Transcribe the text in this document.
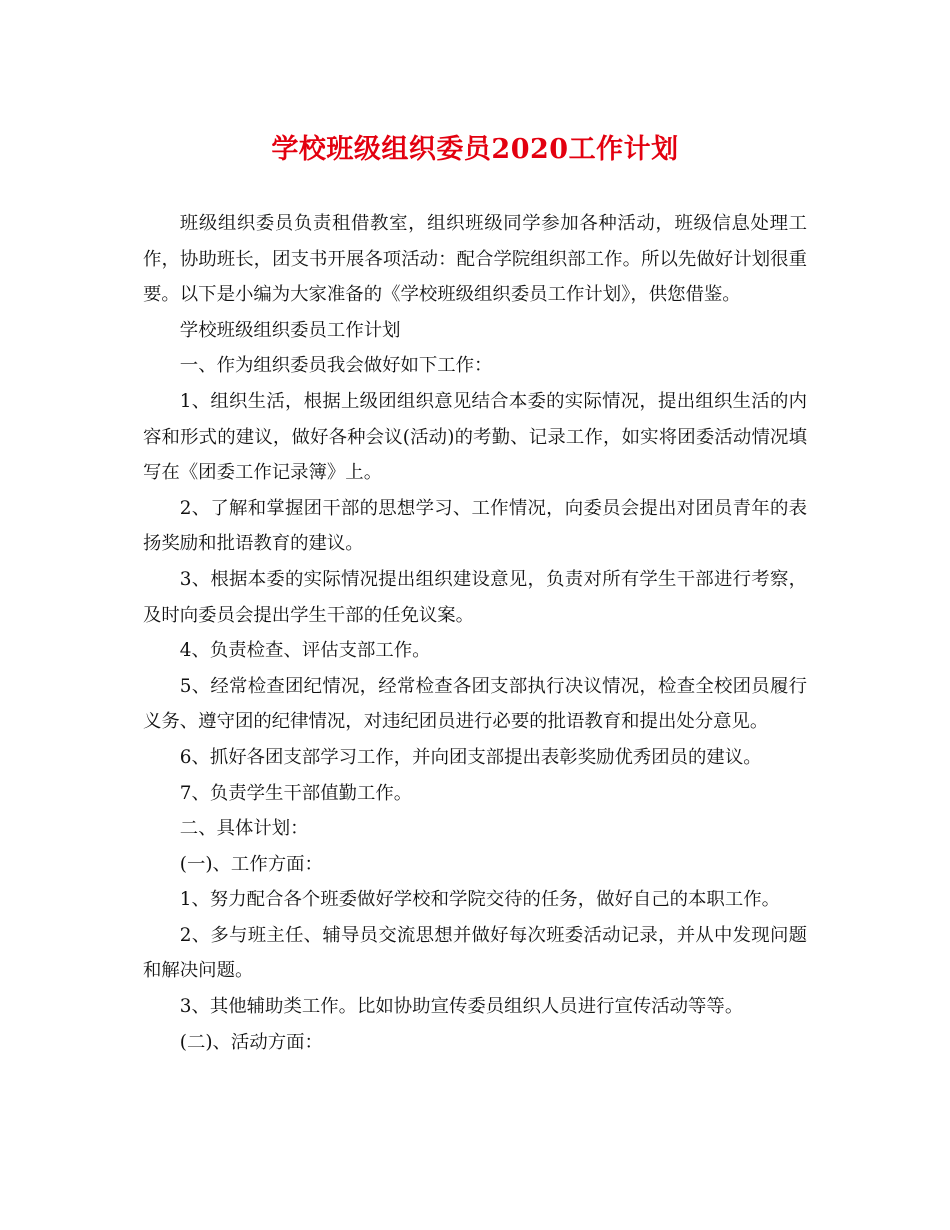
学校班级组织委员2020工作计划

班级组织委员负责租借教室，组织班级同学参加各种活动，班级信息处理工作，协助班长，团支书开展各项活动：配合学院组织部工作。所以先做好计划很重要。以下是小编为大家准备的《学校班级组织委员工作计划》，供您借鉴。

学校班级组织委员工作计划

一、作为组织委员我会做好如下工作：

1、组织生活，根据上级团组织意见结合本委的实际情况，提出组织生活的内容和形式的建议，做好各种会议(活动)的考勤、记录工作，如实将团委活动情况填写在《团委工作记录簿》上。

2、了解和掌握团干部的思想学习、工作情况，向委员会提出对团员青年的表扬奖励和批语教育的建议。

3、根据本委的实际情况提出组织建设意见，负责对所有学生干部进行考察，及时向委员会提出学生干部的任免议案。

4、负责检查、评估支部工作。

5、经常检查团纪情况，经常检查各团支部执行决议情况，检查全校团员履行义务、遵守团的纪律情况，对违纪团员进行必要的批语教育和提出处分意见。

6、抓好各团支部学习工作，并向团支部提出表彰奖励优秀团员的建议。

7、负责学生干部值勤工作。

二、具体计划：

(一)、工作方面：

1、努力配合各个班委做好学校和学院交待的任务，做好自己的本职工作。

2、多与班主任、辅导员交流思想并做好每次班委活动记录，并从中发现问题和解决问题。

3、其他辅助类工作。比如协助宣传委员组织人员进行宣传活动等等。

(二)、活动方面：
